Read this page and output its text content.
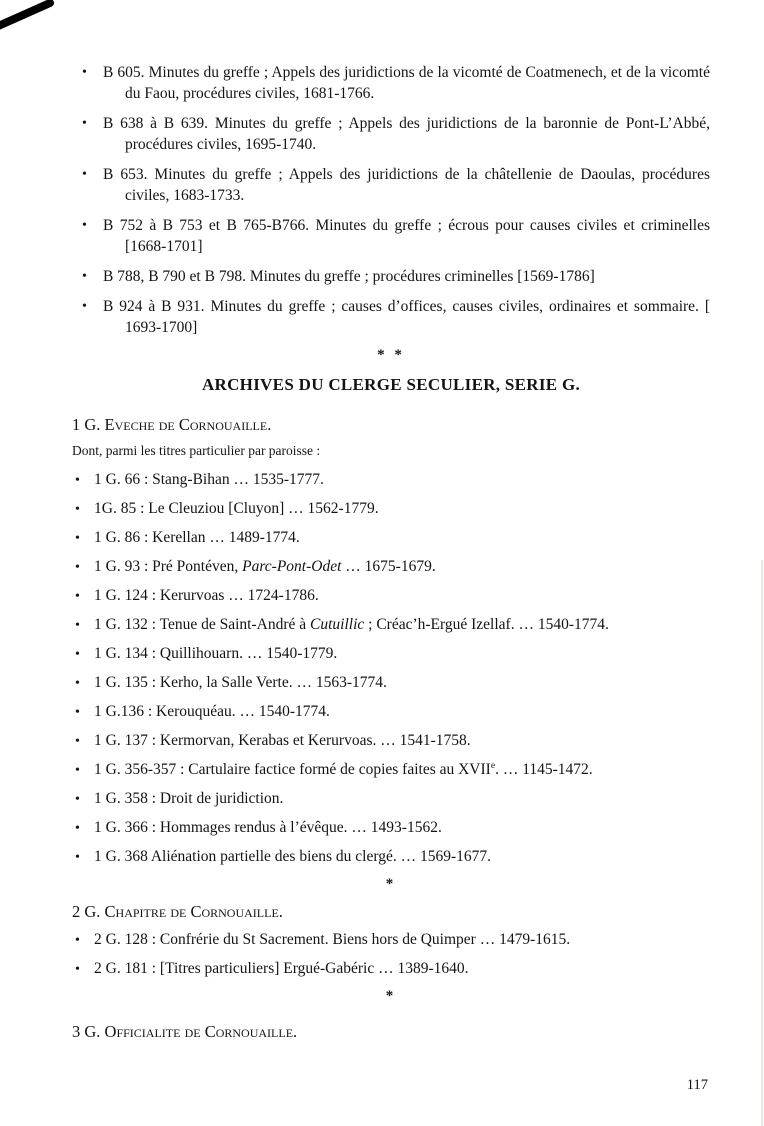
• B 605. Minutes du greffe ; Appels des juridictions de la vicomté de Coatmenech, et de la vicomté du Faou, procédures civiles, 1681-1766.
• B 638 à B 639. Minutes du greffe ; Appels des juridictions de la baronnie de Pont-L’Abbé, procédures civiles, 1695-1740.
• B 653. Minutes du greffe ; Appels des juridictions de la châtellenie de Daoulas, procédures civiles, 1683-1733.
• B 752 à B 753 et B 765-B766. Minutes du greffe ; écrous pour causes civiles et criminelles [1668-1701]
• B 788, B 790 et B 798. Minutes du greffe ; procédures criminelles [1569-1786]
• B 924 à B 931. Minutes du greffe ; causes d’offices, causes civiles, ordinaires et sommaire. [ 1693-1700]
* *
ARCHIVES DU CLERGE SECULIER, SERIE G.
1 G. Eveche de Cornouaille.

Dont, parmi les titres particulier par paroisse :

• 1 G. 66 : Stang-Bihan … 1535-1777.
• 1G. 85 : Le Cleuziou [Cluyon] … 1562-1779.
• 1 G. 86 : Kerellan … 1489-1774.
• 1 G. 93 : Pré Pontéven, Parc-Pont-Odet … 1675-1679.
• 1 G. 124 : Kerurvoas … 1724-1786.
• 1 G. 132 : Tenue de Saint-André à Cutuillic ; Créac’h-Ergué Izellaf. … 1540-1774.
• 1 G. 134 : Quillihouarn. … 1540-1779.
• 1 G. 135 : Kerho, la Salle Verte. … 1563-1774.
• 1 G.136 : Kerouquéau. … 1540-1774.
• 1 G. 137 : Kermorvan, Kerabas et Kerurvoas. … 1541-1758.
• 1 G. 356-357 : Cartulaire factice formé de copies faites au XVIIe. … 1145-1472.
• 1 G. 358 : Droit de juridiction.
• 1 G. 366 : Hommages rendus à l’évêque. … 1493-1562.
• 1 G. 368 Aliénation partielle des biens du clergé. … 1569-1677.
*
2 G. Chapitre de Cornouaille.
• 2 G. 128 : Confrérie du St Sacrement. Biens hors de Quimper … 1479-1615.
• 2 G. 181 : [Titres particuliers] Ergué-Gabéric … 1389-1640.
*
3 G. Officialite de Cornouaille.
117
